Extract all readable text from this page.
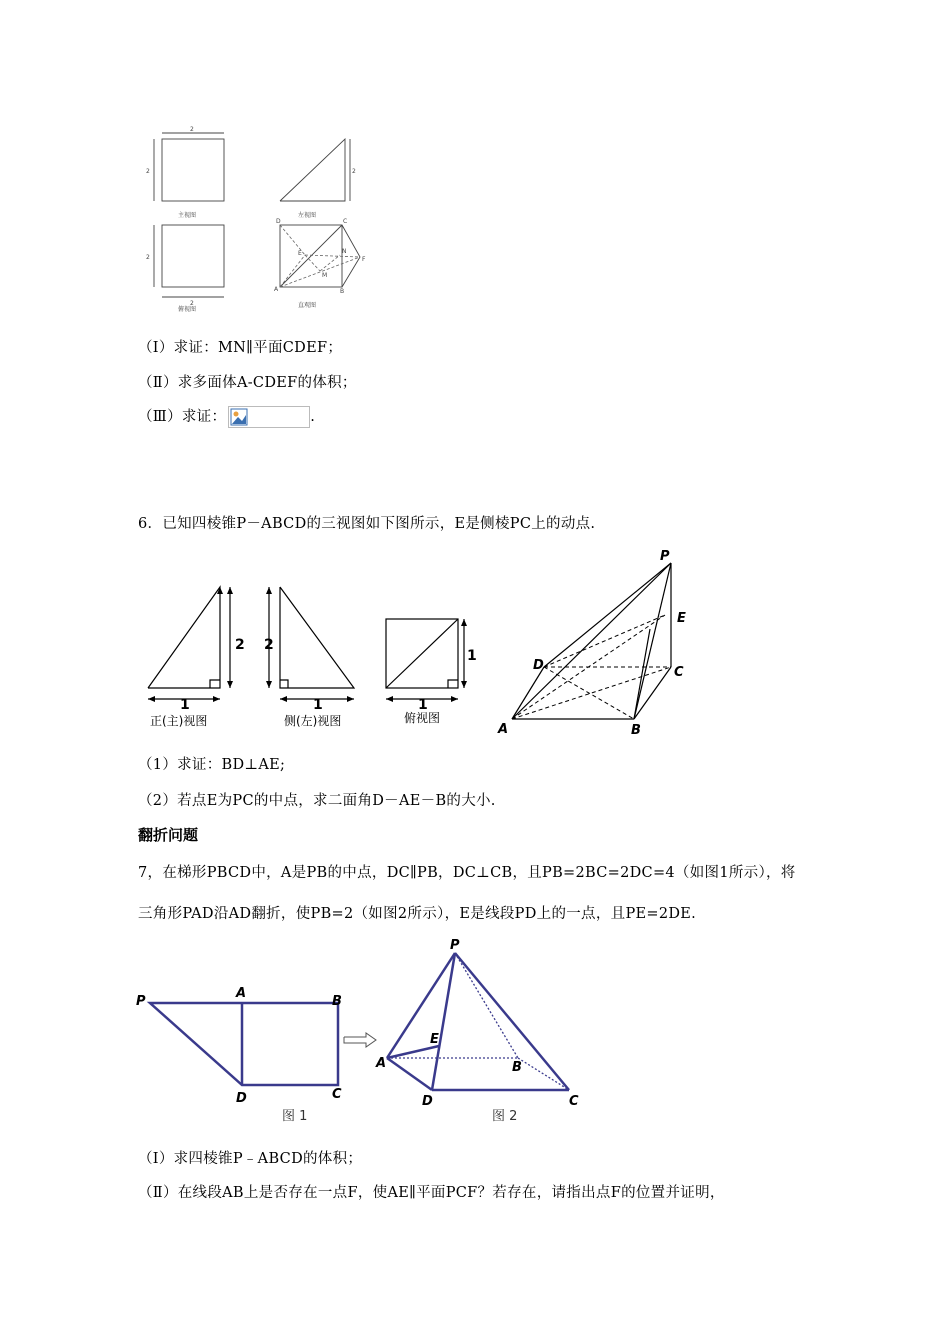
2
2	2
2
2
主视图	左视图
俯视图
直观图
D	C
E	N
F
M
A	B
（Ⅰ）求证：MN∥平面CDEF；
（Ⅱ）求多面体A-CDEF的体积；
（Ⅲ）求证：	.
6．已知四棱锥P－ABCD的三视图如下图所示，E是侧棱PC上的动点.
2
1
2
1
1
1
正(主)视图	侧(左)视图	俯视图
P
E
D	C
A	B
（1）求证：BD⊥AE;
（2）若点E为PC的中点，求二面角D－AE－B的大小.
翻折问题
7，在梯形PBCD中，A是PB的中点，DC∥PB，DC⊥CB，且PB=2BC=2DC=4（如图1所示），将
三角形PAD沿AD翻折，使PB=2（如图2所示），E是线段PD上的一点，且PE=2DE.
P
A
B
D	C
图 1
P
E
A	B
D	C
图 2
（Ⅰ）求四棱锥P﹣ABCD的体积；
（Ⅱ）在线段AB上是否存在一点F，使AE∥平面PCF？若存在，请指出点F的位置并证明，
